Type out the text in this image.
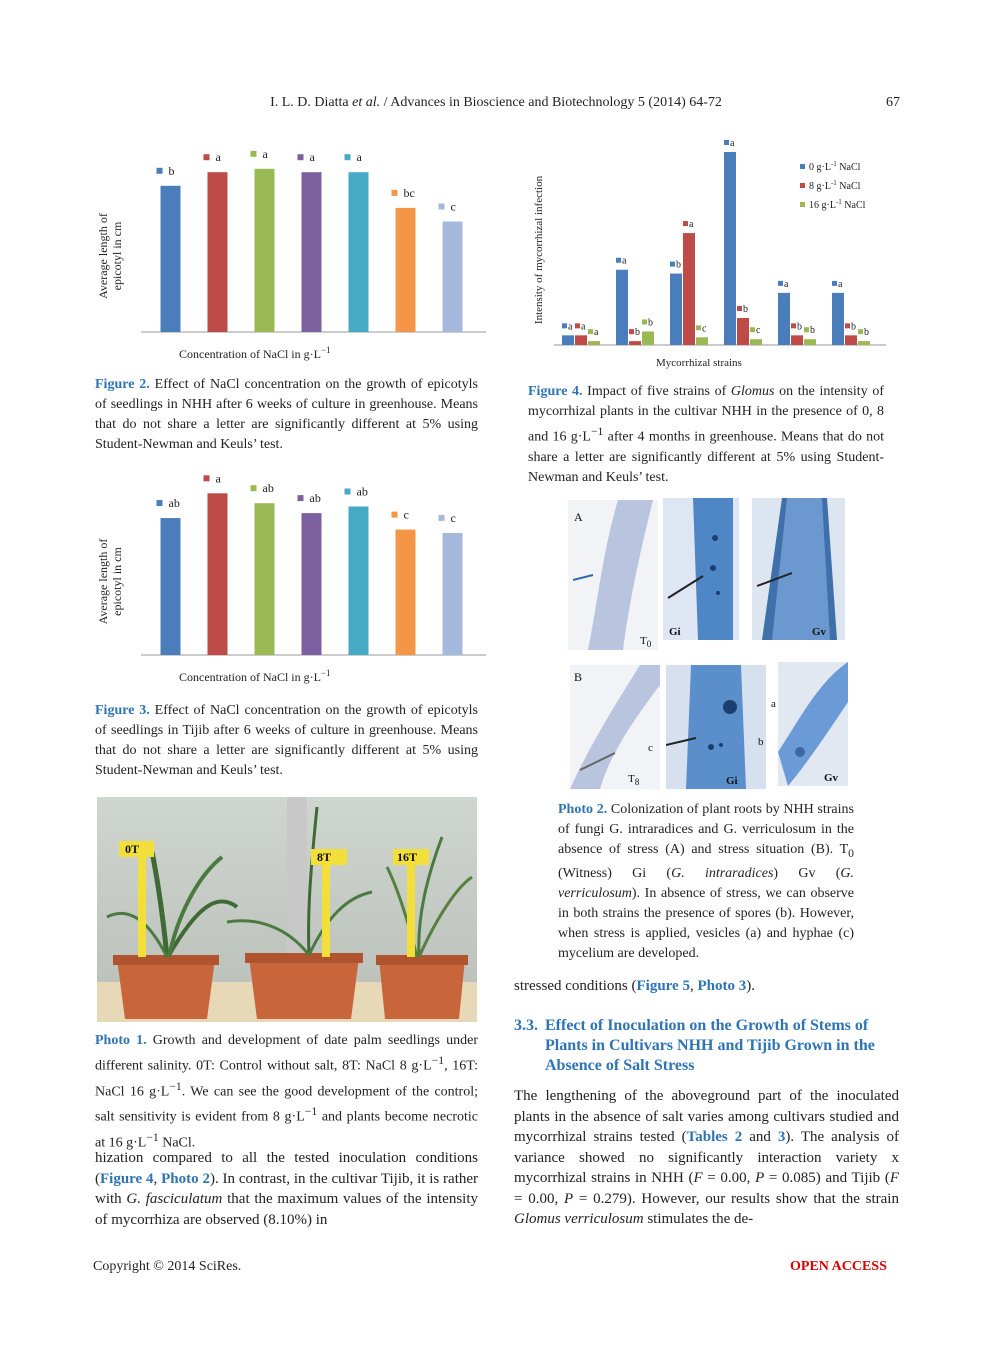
I. L. D. Diatta et al. / Advances in Bioscience and Biotechnology 5 (2014) 64-72	67
b
a	a	a	a
bc
c
Average length ofepicotyl in cm
Concentration of NaCl in $g\cdot L^{-1}$
Figure 2. Effect of NaCl concentration on the growth of epicotyls of seedlings in NHH after 6 weeks of culture in greenhouse. Means that do not share a letter are significantly different at 5% using Student-Newman and Keuls’ test.
ab
a
ab
ab	ab
c	c
Average length ofepicotyl in cm
Concentration of NaCl in $g\cdot L^{-1}$
Figure 3. Effect of NaCl concentration on the growth of epicotyls of seedlings in Tijib after 6 weeks of culture in greenhouse. Means that do not share a letter are significantly different at 5% using Student-Newman and Keuls’ test.
0T
8T	16T
Photo 1. Growth and development of date palm seedlings under different salinity. 0T: Control without salt, 8T: NaCl 8 $g\cdot L^{-1}$, 16T: NaCl 16 $g\cdot L^{-1}$. We can see the good development of the control; salt sensitivity is evident from 8 $g\cdot L^{-1}$ and plants become necrotic at 16 $g\cdot L^{-1}$ NaCl.
hization compared to all the tested inoculation conditions (Figure 4, Photo 2). In contrast, in the cultivar Tijib, it is rather with G. fasciculatum that the maximum values of the intensity of mycorrhiza are observed (8.10%) in
a
a	b
a
a	a
0 $g\cdot L^{-1}$ NaCl
a
b
a
b
b	b
8 $g\cdot L^{-1}$ NaCl
a
b
c	c	b	b
16 $g\cdot L^{-1}$ NaCl
Intensity of mycorrhizal infection
Mycorrhizal strains
Figure 4. Impact of five strains of Glomus on the intensity of mycorrhizal plants in the cultivar NHH in the presence of 0, 8 and 16 $g\cdot L^{-1}$ after 4 months in greenhouse. Means that do not share a letter are significantly different at 5% using Student-Newman and Keuls’ test.
A
$T_0$
Gi	Gv
B
$T_8$	Gi	Gv
a
b
c
Photo 2. Colonization of plant roots by NHH strains of fungi G. intraradices and G. verriculosum in the absence of stress (A) and stress situation (B). $T_0$ (Witness) Gi (G. intraradices) Gv (G. verriculosum). In absence of stress, we can observe in both strains the presence of spores (b). However, when stress is applied, vesicles (a) and hyphae (c) mycelium are developed.
stressed conditions (Figure 5, Photo 3).
3.3. Effect of Inoculation on the Growth of Stems of Plants in Cultivars NHH and Tijib Grown in the Absence of Salt Stress
The lengthening of the aboveground part of the inoculated plants in the absence of salt varies among cultivars studied and mycorrhizal strains tested (Tables 2 and 3). The analysis of variance showed no significantly interaction variety x mycorrhizal strains in NHH (F = 0.00, P = 0.085) and Tijib (F = 0.00, P = 0.279). However, our results show that the strain Glomus verriculosum stimulates the de-
Copyright © 2014 SciRes.	OPEN ACCESS
